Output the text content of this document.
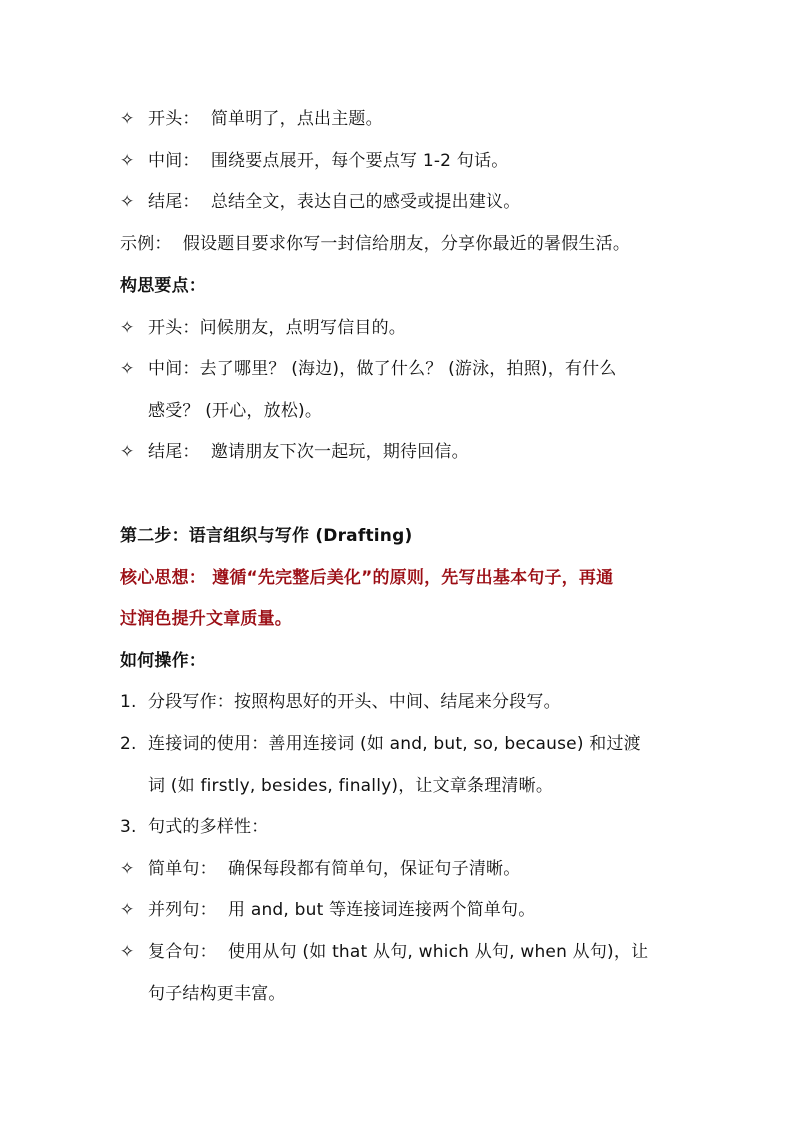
✧ 开头： 简单明了，点出主题。
✧ 中间： 围绕要点展开，每个要点写 1-2 句话。
✧ 结尾： 总结全文，表达自己的感受或提出建议。
示例： 假设题目要求你写一封信给朋友，分享你最近的暑假生活。
构思要点：
✧ 开头：问候朋友，点明写信目的。
✧ 中间：去了哪里？ (海边)，做了什么？ (游泳，拍照)，有什么
感受？ (开心，放松)。
✧ 结尾： 邀请朋友下次一起玩，期待回信。
第二步：语言组织与写作 (Drafting)
核心思想： 遵循“先完整后美化”的原则，先写出基本句子，再通
过润色提升文章质量。
如何操作：
1. 分段写作：按照构思好的开头、中间、结尾来分段写。
2. 连接词的使用：善用连接词 (如 and, but, so, because) 和过渡
词 (如 firstly, besides, finally)，让文章条理清晰。
3. 句式的多样性：
✧ 简单句： 确保每段都有简单句，保证句子清晰。
✧ 并列句： 用 and, but 等连接词连接两个简单句。
✧ 复合句： 使用从句 (如 that 从句, which 从句, when 从句)，让
句子结构更丰富。
